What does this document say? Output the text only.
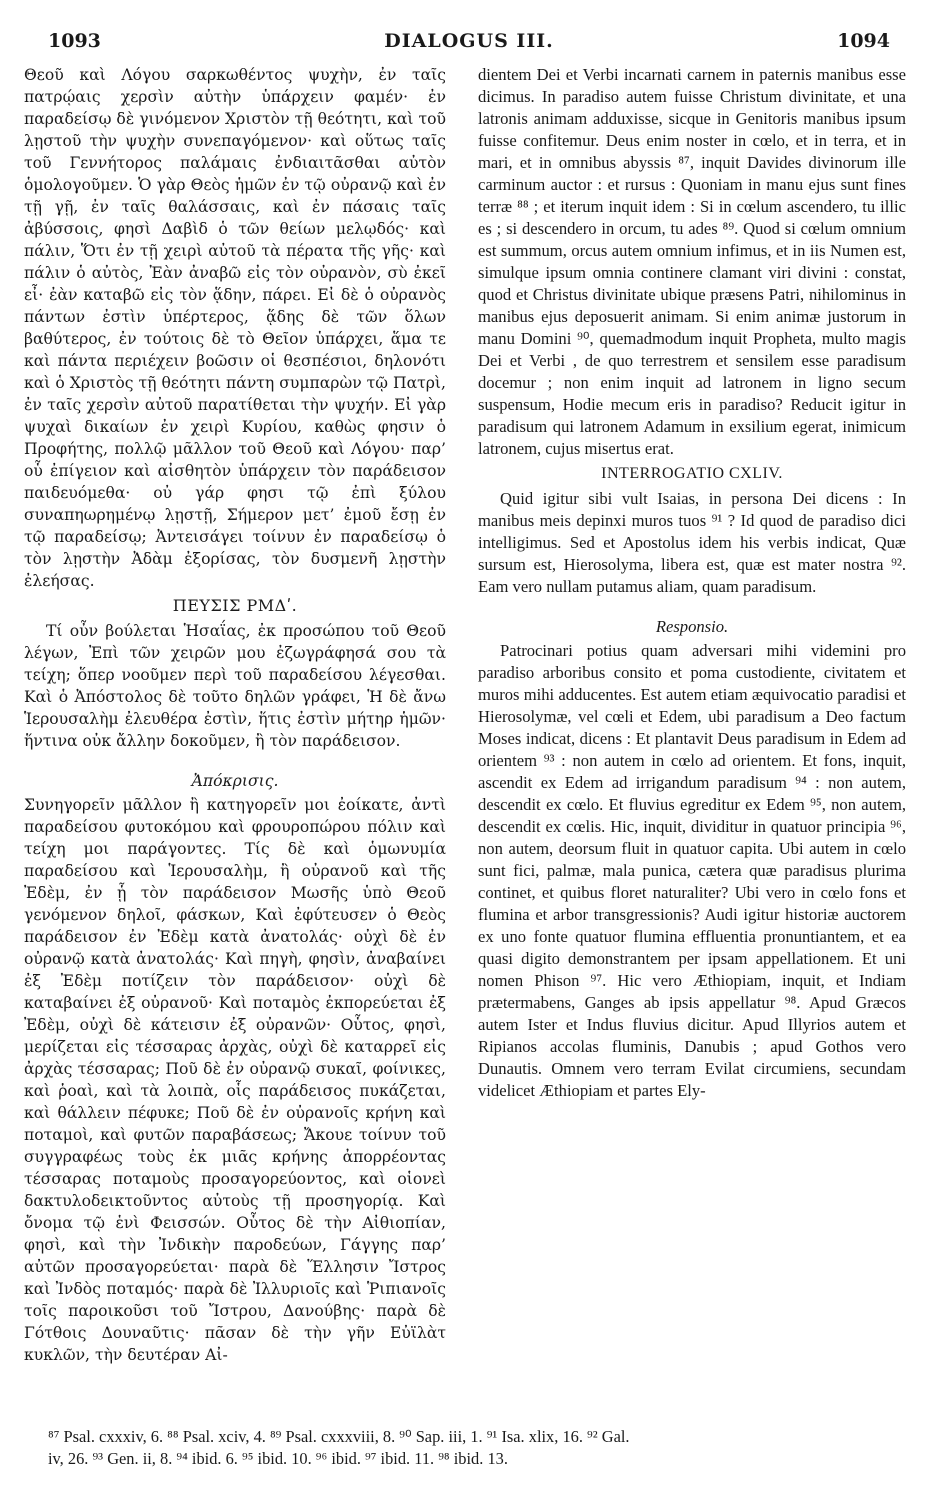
1093	DIALOGUS III.	1094

Θεοῦ καὶ Λόγου σαρκωθέντος ψυχὴν, ἐν ταῖς πατρῴαις χερσὶν αὐτὴν ὑπάρχειν φαμέν· ἐν παραδείσῳ δὲ γινόμενον Χριστὸν τῇ θεότητι, καὶ τοῦ λῃστοῦ τὴν ψυχὴν συνεπαγόμενον· καὶ οὕτως ταῖς τοῦ Γεννήτορος παλάμαις ἐνδιαιτᾶσθαι αὐτὸν ὁμολογοῦμεν. Ὁ γὰρ Θεὸς ἡμῶν ἐν τῷ οὐρανῷ καὶ ἐν τῇ γῇ, ἐν ταῖς θαλάσσαις, καὶ ἐν πάσαις ταῖς ἀβύσσοις, φησὶ Δαβὶδ ὁ τῶν θείων μελῳδός· καὶ πάλιν, Ὅτι ἐν τῇ χειρὶ αὐτοῦ τὰ πέρατα τῆς γῆς· καὶ πάλιν ὁ αὐτὸς, Ἐὰν ἀναβῶ εἰς τὸν οὐρανὸν, σὺ ἐκεῖ εἶ· ἐὰν καταβῶ εἰς τὸν ᾅδην, πάρει. Εἰ δὲ ὁ οὐρανὸς πάντων ἐστὶν ὑπέρτερος, ᾅδης δὲ τῶν ὅλων βαθύτερος, ἐν τούτοις δὲ τὸ Θεῖον ὑπάρχει, ἅμα τε καὶ πάντα περιέχειν βοῶσιν οἱ θεσπέσιοι, δηλονότι καὶ ὁ Χριστὸς τῇ θεότητι πάντη συμπαρὼν τῷ Πατρὶ, ἐν ταῖς χερσὶν αὐτοῦ παρατίθεται τὴν ψυχήν. Εἰ γὰρ ψυχαὶ δικαίων ἐν χειρὶ Κυρίου, καθὼς φησιν ὁ Προφήτης, πολλῷ μᾶλλον τοῦ Θεοῦ καὶ Λόγου· παρ’ οὗ ἐπίγειον καὶ αἰσθητὸν ὑπάρχειν τὸν παράδεισον παιδευόμεθα· οὐ γάρ φησι τῷ ἐπὶ ξύλου συναπηωρημένῳ λῃστῇ, Σήμερον μετ’ ἐμοῦ ἔσῃ ἐν τῷ παραδείσῳ; Ἀντεισάγει τοίνυν ἐν παραδείσῳ ὁ τὸν λῃστὴν Ἀδὰμ ἐξορίσας, τὸν δυσμενῆ λῃστὴν ἐλεήσας.

ΠΕΥΣΙΣ ΡΜΔʹ.

Τί οὖν βούλεται Ἡσαΐας, ἐκ προσώπου τοῦ Θεοῦ λέγων, Ἐπὶ τῶν χειρῶν μου ἐζωγράφησά σου τὰ τείχη; ὅπερ νοοῦμεν περὶ τοῦ παραδείσου λέγεσθαι. Καὶ ὁ Ἀπόστολος δὲ τοῦτο δηλῶν γράφει, Ἡ δὲ ἄνω Ἱερουσαλὴμ ἐλευθέρα ἐστὶν, ἥτις ἐστὶν μήτηρ ἡμῶν· ἥντινα οὐκ ἄλλην δοκοῦμεν, ἢ τὸν παράδεισον.

Ἀπόκρισις.

Συνηγορεῖν μᾶλλον ἢ κατηγορεῖν μοι ἐοίκατε, ἀντὶ παραδείσου φυτοκόμου καὶ φρουροπώρου πόλιν καὶ τείχη μοι παράγοντες. Τίς δὲ καὶ ὁμωνυμία παραδείσου καὶ Ἱερουσαλὴμ, ἢ οὐρανοῦ καὶ τῆς Ἐδὲμ, ἐν ᾗ τὸν παράδεισον Μωσῆς ὑπὸ Θεοῦ γενόμενον δηλοῖ, φάσκων, Καὶ ἐφύτευσεν ὁ Θεὸς παράδεισον ἐν Ἐδὲμ κατὰ ἀνατολάς· οὐχὶ δὲ ἐν οὐρανῷ κατὰ ἀνατολάς· Καὶ πηγὴ, φησὶν, ἀναβαίνει ἐξ Ἐδὲμ ποτίζειν τὸν παράδεισον· οὐχὶ δὲ καταβαίνει ἐξ οὐρανοῦ· Καὶ ποταμὸς ἐκπορεύεται ἐξ Ἐδὲμ, οὐχὶ δὲ κάτεισιν ἐξ οὐρανῶν· Οὗτος, φησὶ, μερίζεται εἰς τέσσαρας ἀρχὰς, οὐχὶ δὲ καταρρεῖ εἰς ἀρχὰς τέσσαρας; Ποῦ δὲ ἐν οὐρανῷ συκαῖ, φοίνικες, καὶ ῥοαὶ, καὶ τὰ λοιπὰ, οἷς παράδεισος πυκάζεται, καὶ θάλλειν πέφυκε; Ποῦ δὲ ἐν οὐρανοῖς κρήνη καὶ ποταμοὶ, καὶ φυτῶν παραβάσεως; Ἄκουε τοίνυν τοῦ συγγραφέως τοὺς ἐκ μιᾶς κρήνης ἀπορρέοντας τέσσαρας ποταμοὺς προσαγορεύοντος, καὶ οἱονεὶ δακτυλοδεικτοῦντος αὐτοὺς τῇ προσηγορίᾳ. Καὶ ὄνομα τῷ ἑνὶ Φεισσών. Οὗτος δὲ τὴν Αἰθιοπίαν, φησὶ, καὶ τὴν Ἰνδικὴν παροδεύων, Γάγγης παρ’ αὐτῶν προσαγορεύεται· παρὰ δὲ Ἕλλησιν Ἴστρος καὶ Ἰνδὸς ποταμός· παρὰ δὲ Ἰλλυριοῖς καὶ Ῥιπιανοῖς τοῖς παροικοῦσι τοῦ Ἴστρου, Δανούβης· παρὰ δὲ Γότθοις Δουναῦτις· πᾶσαν δὲ τὴν γῆν Εὐϊλὰτ κυκλῶν, τὴν δευτέραν Αἰ-

dientem Dei et Verbi incarnati carnem in paternis manibus esse dicimus. In paradiso autem fuisse Christum divinitate, et una latronis animam adduxisse, sicque in Genitoris manibus ipsum fuisse confitemur. Deus enim noster in cœlo, et in terra, et in mari, et in omnibus abyssis ⁸⁷, inquit Davides divinorum ille carminum auctor : et rursus : Quoniam in manu ejus sunt fines terræ ⁸⁸ ; et iterum inquit idem : Si in cœlum ascendero, tu illic es ; si descendero in orcum, tu ades ⁸⁹. Quod si cœlum omnium est summum, orcus autem omnium infimus, et in iis Numen est, simulque ipsum omnia continere clamant viri divini : constat, quod et Christus divinitate ubique præsens Patri, nihilominus in manibus ejus deposuerit animam. Si enim animæ justorum in manu Domini ⁹⁰, quemadmodum inquit Propheta, multo magis Dei et Verbi , de quo terrestrem et sensilem esse paradisum docemur ; non enim inquit ad latronem in ligno secum suspensum, Hodie mecum eris in paradiso? Reducit igitur in paradisum qui latronem Adamum in exsilium egerat, inimicum latronem, cujus misertus erat.

INTERROGATIO CXLIV.

Quid igitur sibi vult Isaias, in persona Dei dicens : In manibus meis depinxi muros tuos ⁹¹ ? Id quod de paradiso dici intelligimus. Sed et Apostolus idem his verbis indicat, Quæ sursum est, Hierosolyma, libera est, quæ est mater nostra ⁹². Eam vero nullam putamus aliam, quam paradisum.

Responsio.

Patrocinari potius quam adversari mihi videmini pro paradiso arboribus consito et poma custodiente, civitatem et muros mihi adducentes. Est autem etiam æquivocatio paradisi et Hierosolymæ, vel cœli et Edem, ubi paradisum a Deo factum Moses indicat, dicens : Et plantavit Deus paradisum in Edem ad orientem ⁹³ : non autem in cœlo ad orientem. Et fons, inquit, ascendit ex Edem ad irrigandum paradisum ⁹⁴ : non autem, descendit ex cœlo. Et fluvius egreditur ex Edem ⁹⁵, non autem, descendit ex cœlis. Hic, inquit, dividitur in quatuor principia ⁹⁶, non autem, deorsum fluit in quatuor capita. Ubi autem in cœlo sunt fici, palmæ, mala punica, cætera quæ paradisus plurima continet, et quibus floret naturaliter? Ubi vero in cœlo fons et flumina et arbor transgressionis? Audi igitur historiæ auctorem ex uno fonte quatuor flumina effluentia pronuntiantem, et ea quasi digito demonstrantem per ipsam appellationem. Et uni nomen Phison ⁹⁷. Hic vero Æthiopiam, inquit, et Indiam prætermabens, Ganges ab ipsis appellatur ⁹⁸. Apud Græcos autem Ister et Indus fluvius dicitur. Apud Illyrios autem et Ripianos accolas fluminis, Danubis ; apud Gothos vero Dunautis. Omnem vero terram Evilat circumiens, secundam videlicet Æthiopiam et partes Ely-

⁸⁷ Psal. cxxxiv, 6. ⁸⁸ Psal. xciv, 4. ⁸⁹ Psal. cxxxviii, 8. ⁹⁰ Sap. iii, 1. ⁹¹ Isa. xlix, 16. ⁹² Gal.
iv, 26. ⁹³ Gen. ii, 8. ⁹⁴ ibid. 6. ⁹⁵ ibid. 10. ⁹⁶ ibid. ⁹⁷ ibid. 11. ⁹⁸ ibid. 13.
